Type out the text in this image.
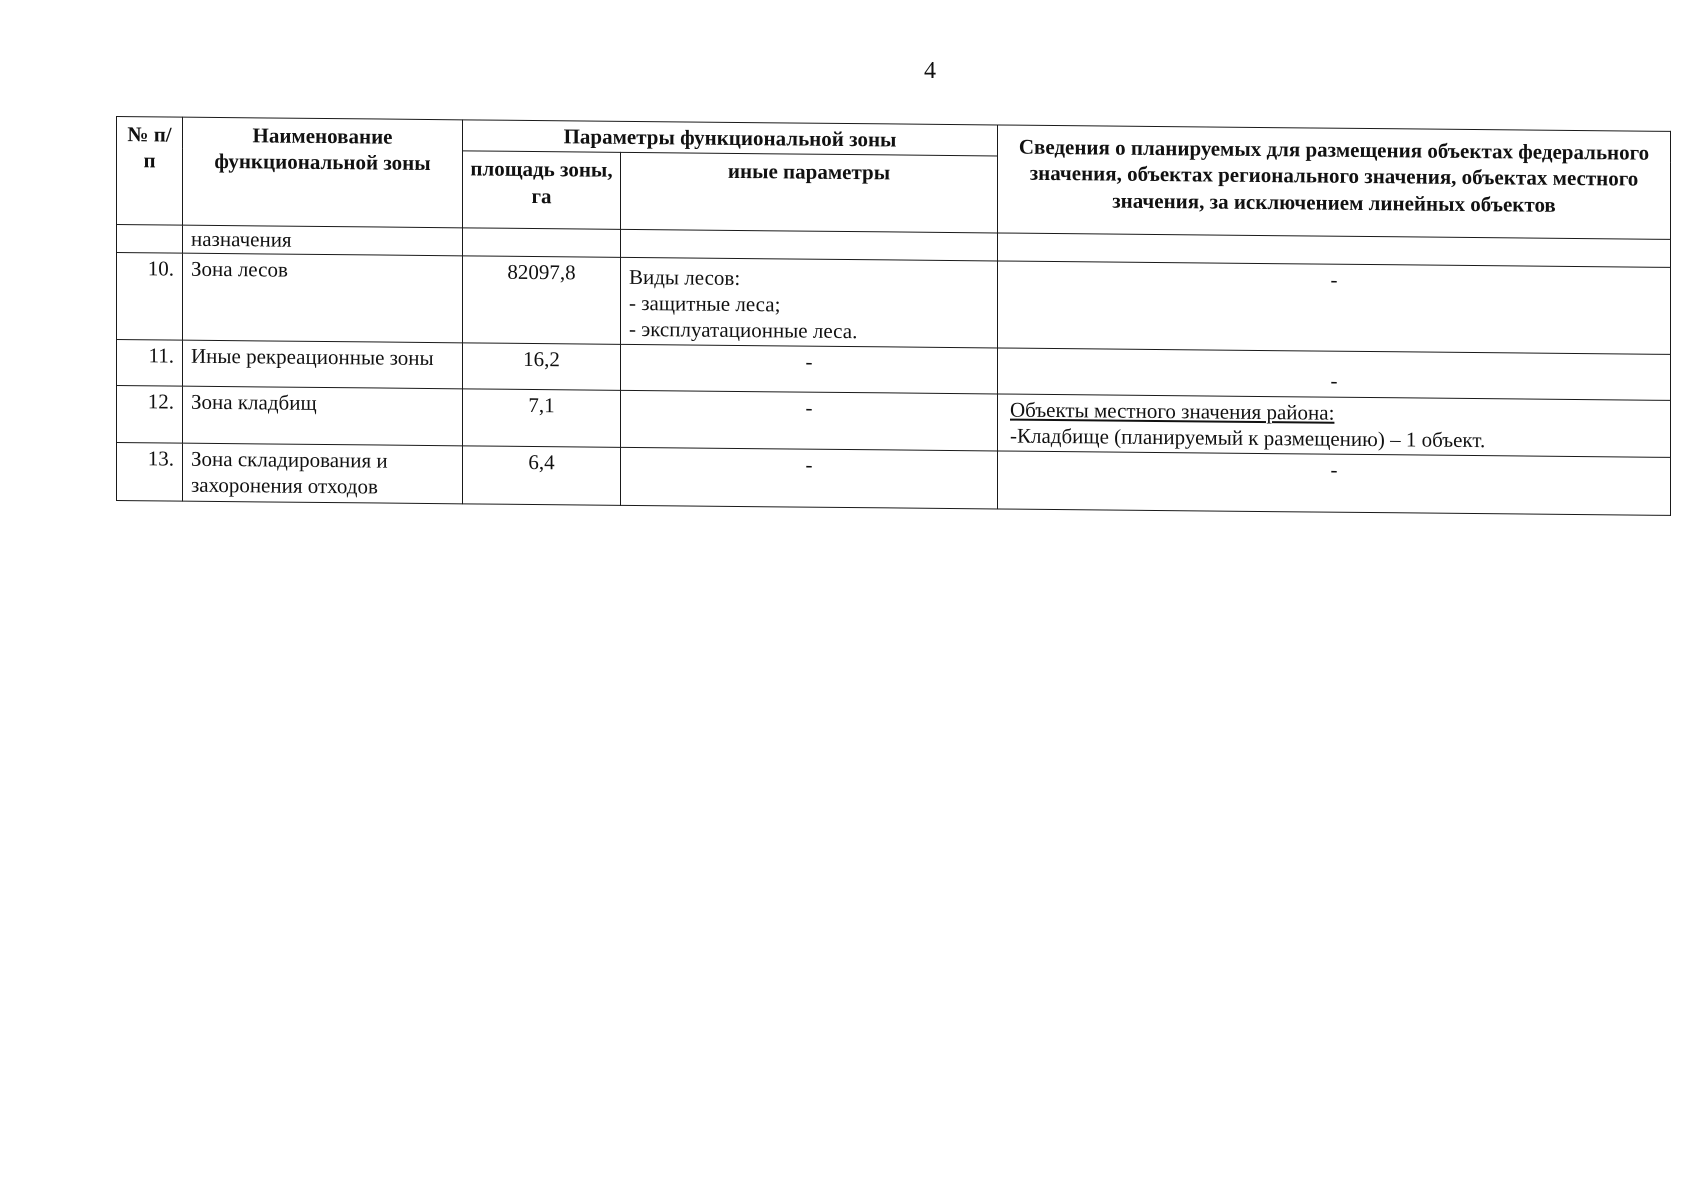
4
№ п/п	Наименование функциональной зоны	Параметры функциональной зоны		Сведения о планируемых для размещения объектах федерального значения, объектах регионального значения, объектах местного значения, за исключением линейных объектов
		площадь зоны, га	иные параметры	
	назначения			
10.	Зона лесов	82097,8	Виды лесов:
- защитные леса;
- эксплуатационные леса.	-
11.	Иные рекреационные зоны	16,2	-	-
12.	Зона кладбищ	7,1	-	Объекты местного значения района:
-Кладбище (планируемый к размещению) – 1 объект.

13.	Зона складирования и захоронения отходов	6,4	-	-
